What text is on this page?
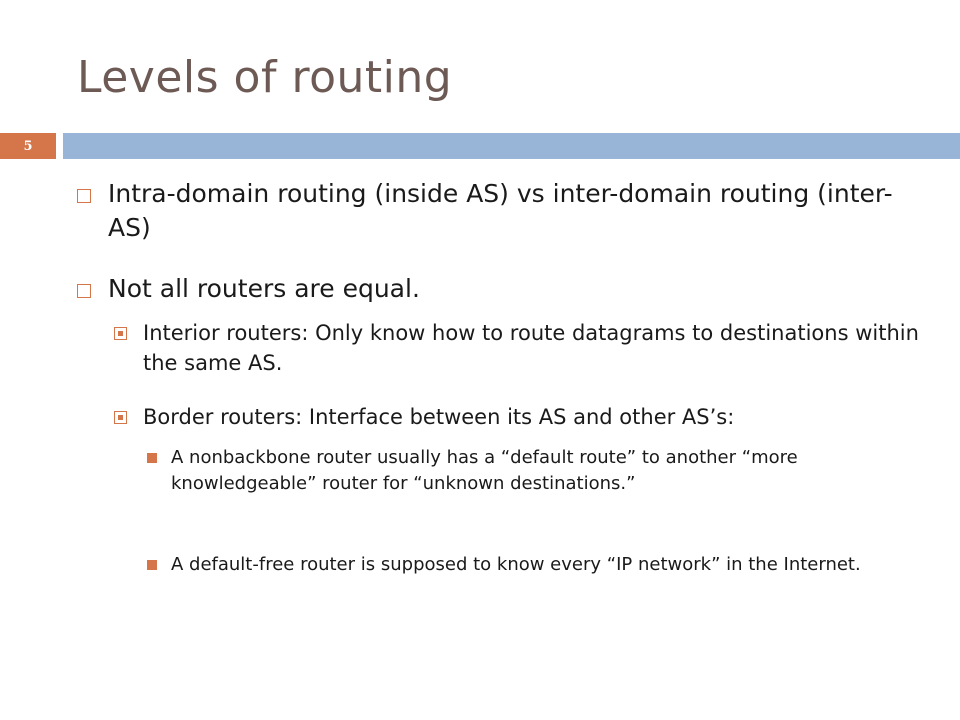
Levels of routing
5
Intra-domain routing (inside AS) vs inter-domain routing (inter-AS)
Not all routers are equal.
Interior routers: Only know how to route datagrams to destinations within the same AS.
Border routers: Interface between its AS and other AS’s:
A nonbackbone router usually has a “default route” to another “more knowledgeable” router for “unknown destinations.”
A default-free router is supposed to know every “IP network” in the Internet.
